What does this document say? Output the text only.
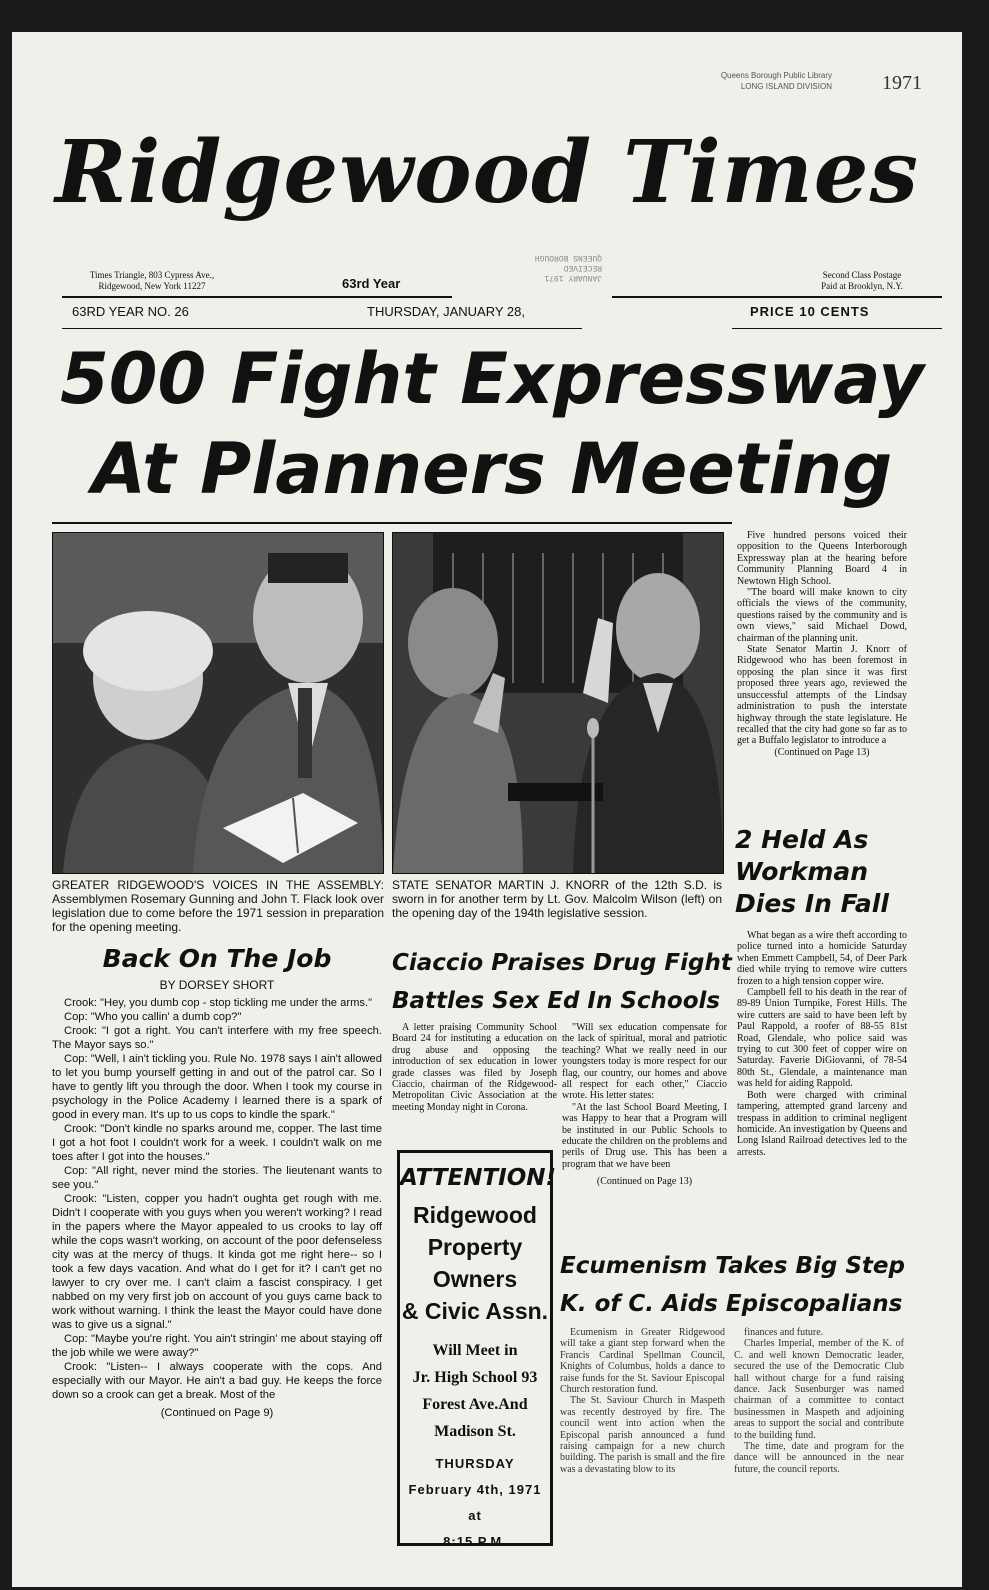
Queens Borough Public Library
LONG ISLAND DIVISION	1971
Ridgewood Times
Times Triangle, 803 Cypress Ave.,
Ridgewood, New York 11227	63rd Year	JANUARY 1971
RECEIVED
QUEENS BOROUGH
Second Class Postage
Paid at Brooklyn, N.Y.
63RD YEAR NO. 26	THURSDAY, JANUARY 28,	PRICE 10 CENTS
500 Fight Expressway
At Planners Meeting

Five hundred persons voiced their opposition to the Queens Interborough Expressway plan at the hearing before Community Planning Board 4 in Newtown High School.

"The board will make known to city officials the views of the community, questions raised by the community and is own views," said Michael Dowd, chairman of the planning unit.

State Senator Martin J. Knorr of Ridgewood who has been foremost in opposing the plan since it was first proposed three years ago, reviewed the unsuccessful attempts of the Lindsay administration to push the interstate highway through the state legislature. He recalled that the city had gone so far as to get a Buffalo legislator to introduce a

(Continued on Page 13)
2 Held As
Workman
Dies In Fall

What began as a wire theft according to police turned into a homicide Saturday when Emmett Campbell, 54, of Deer Park died while trying to remove wire cutters frozen to a high tension copper wire.

Campbell fell to his death in the rear of 89-89 Union Turnpike, Forest Hills. The wire cutters are said to have been left by Paul Rappold, a roofer of 88-55 81st Road, Glendale, who police said was trying to cut 300 feet of copper wire on Saturday. Faverie DiGiovanni, of 78-54 80th St., Glendale, a maintenance man was held for aiding Rappold.

Both were charged with criminal tampering, attempted grand larceny and trespass in addition to criminal negligent homicide. An investigation by Queens and Long Island Railroad detectives led to the arrests.

GREATER RIDGEWOOD'S VOICES IN THE ASSEMBLY: Assemblymen Rosemary Gunning and John T. Flack look over legislation due to come before the 1971 session in preparation for the opening meeting.
STATE SENATOR MARTIN J. KNORR of the 12th S.D. is sworn in for another term by Lt. Gov. Malcolm Wilson (left) on the opening day of the 194th legislative session.
Back On The Job
BY DORSEY SHORT

Crook: "Hey, you dumb cop - stop tickling me under the arms."

Cop: "Who you callin' a dumb cop?"

Crook: "I got a right. You can't interfere with my free speech. The Mayor says so."

Cop: "Well, I ain't tickling you. Rule No. 1978 says I ain't allowed to let you bump yourself getting in and out of the patrol car. So I have to gently lift you through the door. When I took my course in psychology in the Police Academy I learned there is a spark of good in every man. It's up to us cops to kindle the spark."

Crook: "Don't kindle no sparks around me, copper. The last time I got a hot foot I couldn't work for a week. I couldn't walk on me toes after I got into the houses."

Cop: "All right, never mind the stories. The lieutenant wants to see you."

Crook: "Listen, copper you hadn't oughta get rough with me. Didn't I cooperate with you guys when you weren't working? I read in the papers where the Mayor appealed to us crooks to lay off while the cops wasn't working, on account of the poor defenseless city was at the mercy of thugs. It kinda got me right here-- so I took a few days vacation. And what do I get for it? I can't get no lawyer to cry over me. I can't claim a fascist conspiracy. I get nabbed on my very first job on account of you guys came back to work without warning. I think the least the Mayor could have done was to give us a signal."

Cop: "Maybe you're right. You ain't stringin' me about staying off the job while we were away?"

Crook: "Listen-- I always cooperate with the cops. And especially with our Mayor. He ain't a bad guy. He keeps the force down so a crook can get a break. Most of the

(Continued on Page 9)
Ciaccio Praises Drug Fight
Battles Sex Ed In Schools

A letter praising Community School Board 24 for instituting a education on drug abuse and opposing the introduction of sex education in lower grade classes was filed by Joseph Ciaccio, chairman of the Ridgewood-Metropolitan Civic Association at the meeting Monday night in Corona.

"Will sex education compensate for the lack of spiritual, moral and patriotic teaching? What we really need in our youngsters today is more respect for our flag, our country, our homes and above all respect for each other," Ciaccio wrote. His letter states:

"At the last School Board Meeting, I was Happy to hear that a Program will be instituted in our Public Schools to educate the children on the problems and perils of Drug use. This has been a program that we have been

(Continued on Page 13)
ATTENTION!
Ridgewood
Property Owners
& Civic Assn.
Will Meet in
Jr. High School 93
Forest Ave.And
Madison St.
THURSDAY
February 4th, 1971
at
8:15 P.M.
Ecumenism Takes Big Step
K. of C. Aids Episcopalians

Ecumenism in Greater Ridgewood will take a giant step forward when the Francis Cardinal Spellman Council, Knights of Columbus, holds a dance to raise funds for the St. Saviour Episcopal Church restoration fund.

The St. Saviour Church in Maspeth was recently destroyed by fire. The council went into action when the Episcopal parish announced a fund raising campaign for a new church building. The parish is small and the fire was a devastating blow to its

finances and future.

Charles Imperial, member of the K. of C. and well known Democratic leader, secured the use of the Democratic Club hall without charge for a fund raising dance. Jack Susenburger was named chairman of a committee to contact businessmen in Maspeth and adjoining areas to support the social and contribute to the building fund.

The time, date and program for the dance will be announced in the near future, the council reports.
